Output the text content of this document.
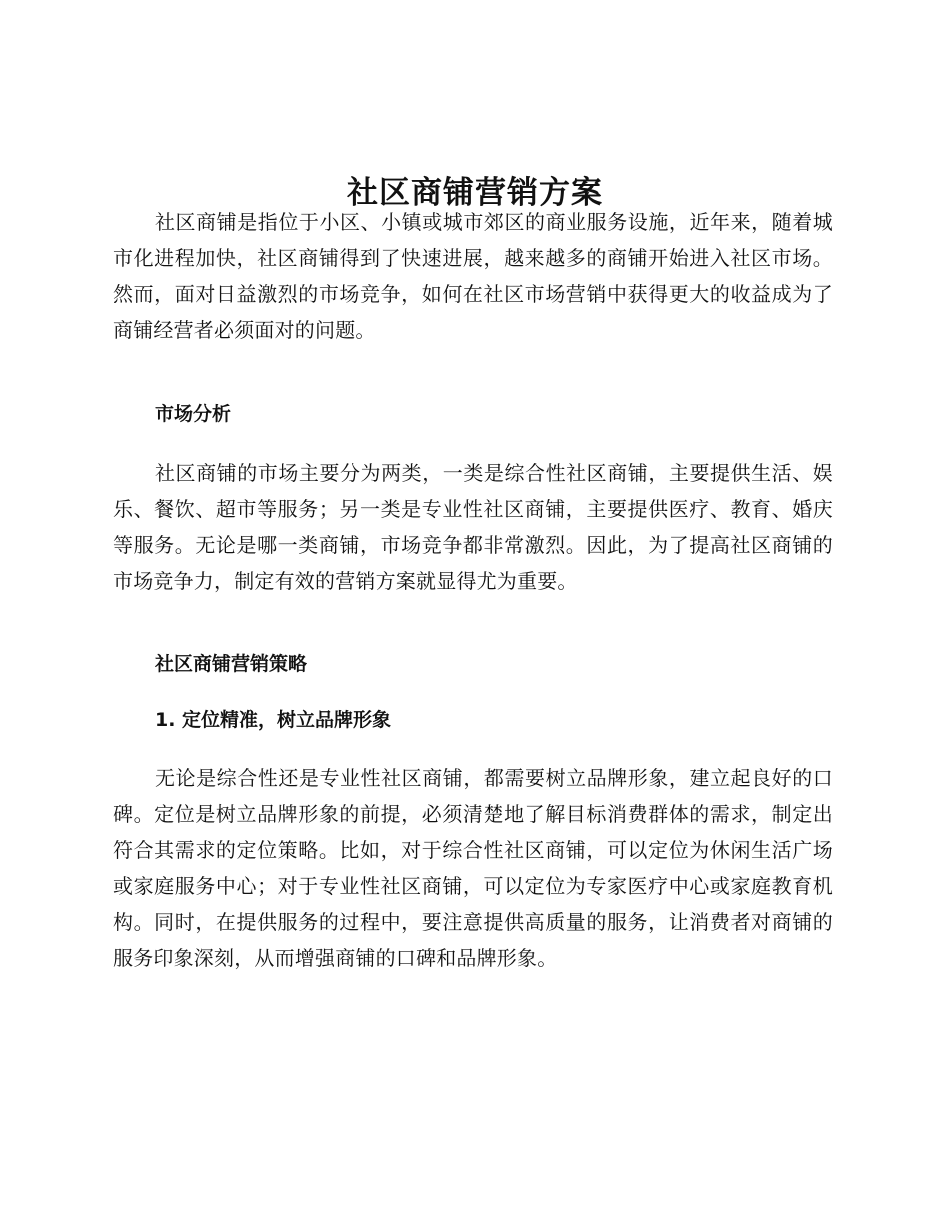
社区商铺营销方案

社区商铺是指位于小区、小镇或城市郊区的商业服务设施，近年来，随着城市化进程加快，社区商铺得到了快速进展，越来越多的商铺开始进入社区市场。然而，面对日益激烈的市场竞争，如何在社区市场营销中获得更大的收益成为了商铺经营者必须面对的问题。

市场分析

社区商铺的市场主要分为两类，一类是综合性社区商铺，主要提供生活、娱乐、餐饮、超市等服务；另一类是专业性社区商铺，主要提供医疗、教育、婚庆等服务。无论是哪一类商铺，市场竞争都非常激烈。因此，为了提高社区商铺的市场竞争力，制定有效的营销方案就显得尤为重要。

社区商铺营销策略
1. 定位精准，树立品牌形象

无论是综合性还是专业性社区商铺，都需要树立品牌形象，建立起良好的口碑。定位是树立品牌形象的前提，必须清楚地了解目标消费群体的需求，制定出符合其需求的定位策略。比如，对于综合性社区商铺，可以定位为休闲生活广场或家庭服务中心；对于专业性社区商铺，可以定位为专家医疗中心或家庭教育机构。同时，在提供服务的过程中，要注意提供高质量的服务，让消费者对商铺的服务印象深刻，从而增强商铺的口碑和品牌形象。
